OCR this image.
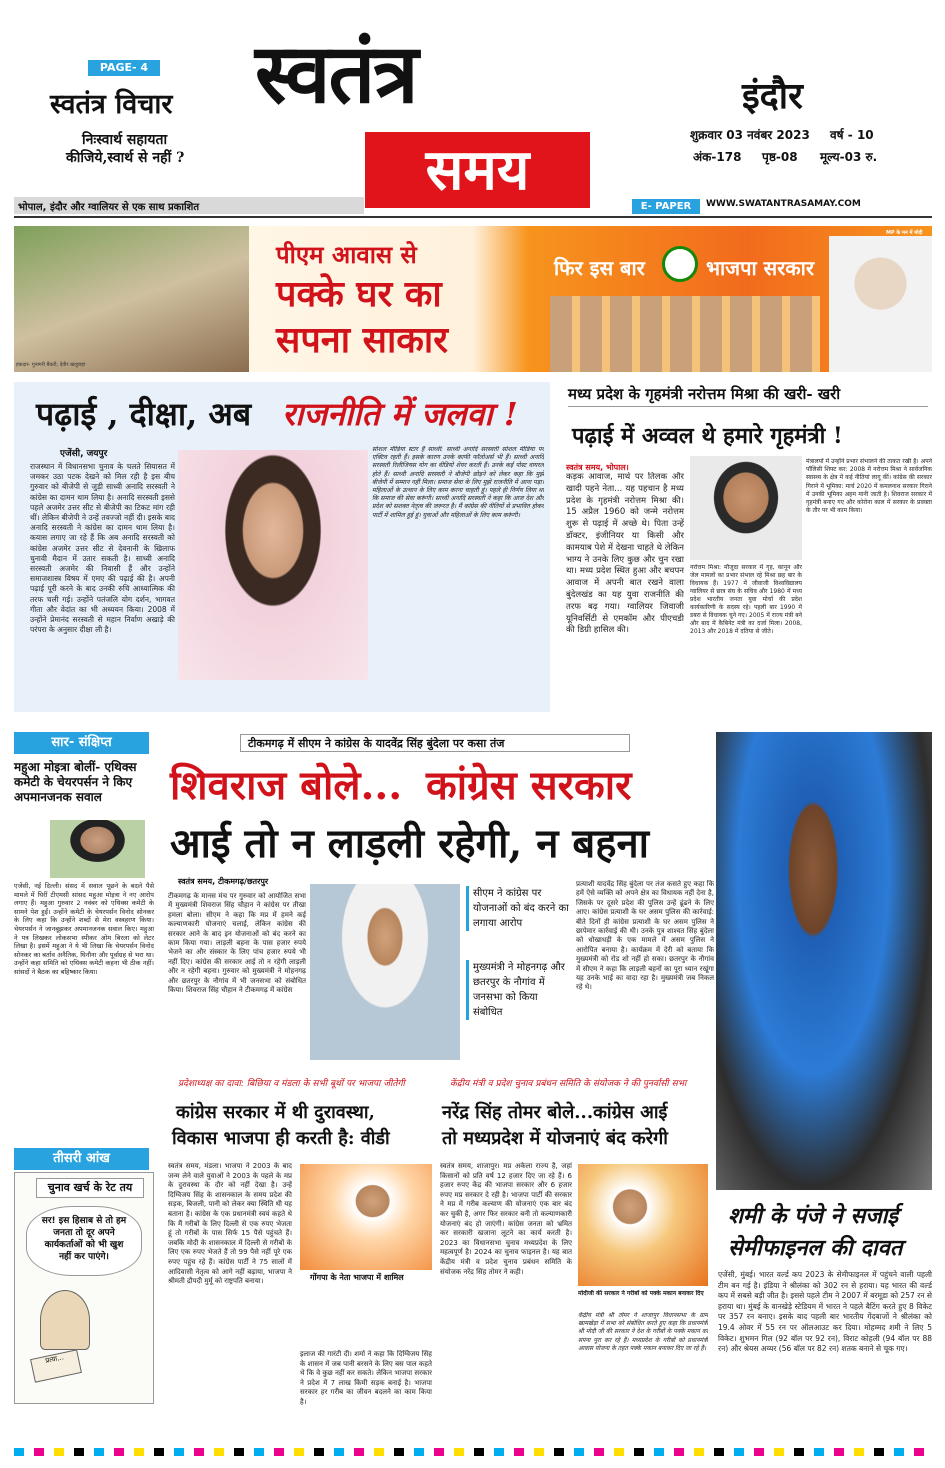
PAGE- 4
स्वतंत्र विचार
निःस्वार्थ सहायता
कीजिये,स्वार्थ से नहीं ?
स्वतंत्र
समय
इंदौर
शुक्रवार 03 नवंबर 2023 वर्ष - 10
अंक-178 पृष्ठ-08 मूल्य-03 रु.
भोपाल, इंदौर और ग्वालियर से एक साथ प्रकाशित	E- PAPER	WWW.SWATANTRASAMAY.COM
पीएम आवास से
पक्के घर का
सपना साकार
फिर इस बार	भाजपा सरकार
MP के मन में मोदी
हकदार- गुनागरी बैंकरी, देवीर खजुराहा
पढ़ाई , दीक्षा, अब राजनीति में जलवा !
एजेंसी, जयपुर
राजस्थान में विधानसभा चुनाव के चलते सियासत में जमकर उठा पटक देखने को मिल रही है इस बीच गुरुवार को बीजेपी से जुड़ी साध्वी अनादि सरस्वती ने कांग्रेस का दामन थाम लिया है। अनादि सरस्वती इससे पहले अजमेर उत्तर सीट से बीजेपी का टिकट मांग रही थीं। लेकिन बीजेपी ने उन्हें तवज्जो नहीं दी। इसके बाद अनादि सरस्वती ने कांग्रेस का दामन थाम लिया है। कयास लगाए जा रहे हैं कि अब अनादि सरस्वती को कांग्रेस अजमेर उत्तर सीट से देवनानी के खिलाफ चुनावी मैदान में उतार सकती है। साध्वी अनादि सरस्वती अजमेर की निवासी हैं और उन्होंने समाजशास्त्र विषय में एमए की पढ़ाई की है। अपनी पढ़ाई पूरी करने के बाद उनकी रुचि आध्यात्मिक की तरफ चली गई। उन्होंने पतंजलि योग दर्शन, भागवत गीता और वेदांत का भी अध्ययन किया। 2008 में उन्होंने प्रेमानंद सरस्वती से महान निर्वाण अखाड़े की परंपरा के अनुसार दीक्षा ली है।
सोशल मीडिया स्टार हैं साध्वी: साध्वी अनादि सरस्वती सोशल मीडिया पर एक्टिव रहती हैं। इसके कारण उनके काफी फॉलोअर्स भी हैं। साध्वी अनादि सरस्वती रिलीजियस योग का वीडियो शेयर करती हैं। उनके कई पोस्ट वायरल होते हैं। साध्वी अनादि सरस्वती ने बीजेपी छोड़ने को लेकर कहा कि मुझे बीजेपी में सम्मान नहीं मिला। समाज सेवा के लिए मुझे राजनीति में आना पड़ा। महिलाओं के उत्थान के लिए काम करना चाहती हूं। पहले ही निर्णय लिया था कि समाज की सेवा करूंगी। साध्वी अनादि सरस्वती ने कहा कि आज देश और प्रदेश को सशक्त नेतृत्व की जरूरत है। मैं कांग्रेस की नीतियों से प्रभावित होकर पार्टी में शामिल हुई हूं। युवाओं और महिलाओं के लिए काम करूंगी।
मध्य प्रदेश के गृहमंत्री नरोत्तम मिश्रा की खरी- खरी
पढ़ाई में अव्वल थे हमारे गृहमंत्री !
स्वतंत्र समय, भोपाल।
कड़क आवाज, माथे पर तिलक और खादी पहने नेता... यह पहचान है मध्य प्रदेश के गृहमंत्री नरोत्तम मिश्रा की। 15 अप्रैल 1960 को जन्मे नरोत्तम शुरू से पढ़ाई में अच्छे थे। पिता उन्हें डॉक्टर, इंजीनियर या किसी और कामयाब पेशे में देखना चाहते थे लेकिन भाग्य ने उनके लिए कुछ और चुन रखा था। मध्य प्रदेश स्थित हुआ और बचपन आवाज में अपनी बात रखने वाला बुंदेलखंड का यह युवा राजनीति की तरफ बढ़ गया। ग्वालियर जिवाजी यूनिवर्सिटी से एमकॉम और पीएचडी की डिग्री हासिल की।
नरोत्तम मिश्रा: मौजूदा सरकार में गृह, कानून और जेल मामलों का प्रभार संभाल रहे मिश्रा छह बार के विधायक हैं। 1977 में जीवाजी विश्वविद्यालय ग्वालियर से छात्र संघ के सचिव और 1980 में मध्य प्रदेश भारतीय जनता युवा मोर्चा की प्रदेश कार्यकारिणी के सदस्य रहे। पहली बार 1990 में डबरा से विधायक चुने गए। 2005 में राज्य मंत्री बने और बाद में कैबिनेट मंत्री का दर्जा मिला। 2008, 2013 और 2018 में दतिया से जीते।
मंत्रालयों में उन्होंने प्रभार संभालने की ताकत रखी है। अपने पॉलिसी शिफ्ट कर: 2008 में नरोत्तम मिश्रा ने सार्वजनिक स्वास्थ्य के क्षेत्र में कई नीतियां लागू कीं। कांग्रेस की सरकार गिराने में भूमिका: मार्च 2020 में कमलनाथ सरकार गिराने में उनकी भूमिका अहम मानी जाती है। शिवराज सरकार में गृहमंत्री बनाए गए और कोरोना काल में सरकार के प्रवक्ता के तौर पर भी काम किया।
सार- संक्षिप्त
महुआ मोइत्रा बोलीं- एथिक्स कमेटी के चेयरपर्सन ने किए अपमानजनक सवाल
एजेंसी, नई दिल्ली। संसद में सवाल पूछने के बदले पैसे मामले में घिरीं टीएमसी सांसद महुआ मोइत्रा ने नए आरोप लगाए हैं। महुआ गुरुवार 2 नवंबर को एथिक्स कमेटी के सामने पेश हुईं। उन्होंने कमेटी के चेयरपर्सन विनोद सोनकर के लिए कहा कि उन्होंने शब्दों से मेरा वस्त्रहरण किया। चेयरपर्सन ने जानबूझकर अपमानजनक सवाल किए। महुआ ने पत्र लिखकर लोकसभा स्पीकर ओम बिरला को लेटर लिखा है। इसमें महुआ ने ये भी लिखा कि चेयरपर्सन विनोद सोनकर का बर्ताव अनैतिक, घिनौना और पूर्वाग्रह से भरा था। उन्होंने कहा समिति को एथिक्स कमेटी कहना भी ठीक नहीं। सांसदों ने बैठक का बहिष्कार किया।
तीसरी आंख
चुनाव खर्च के रेट तय
सर! इस हिसाब से तो हम जनता तो दूर अपने कार्यकर्ताओं को भी खुश नहीं कर पाएंगे।
प्रत्या...
टीकमगढ़ में सीएम ने कांग्रेस के यादवेंद्र सिंह बुंदेला पर कसा तंज
शिवराज बोले... कांग्रेस सरकार
आई तो न लाड़ली रहेगी, न बहना
स्वतंत्र समय, टीकमगढ़/छतरपुर
टीकमगढ़ के मानस मंच पर गुरुवार को आयोजित सभा में मुख्यमंत्री शिवराज सिंह चौहान ने कांग्रेस पर तीखा हमला बोला। सीएम ने कहा कि मप्र में हमने कई कल्याणकारी योजनाएं चलाई, लेकिन कांग्रेस की सरकार आने के बाद इन योजनाओं को बंद करने का काम किया गया। लाड़ली बहना के पास हजार रुपये भेजने का और संस्कार के लिए पांच हजार रुपये भी नहीं दिए। कांग्रेस की सरकार आई तो न रहेगी लाड़ली और न रहेगी बहना। गुरुवार को मुख्यमंत्री ने मोहनगढ़ और छतरपुर के नौगांव में भी जनसभा को संबोधित किया। शिवराज सिंह चौहान ने टीकमगढ़ में कांग्रेस
सीएम ने कांग्रेस पर योजनाओं को बंद करने का लगाया आरोप
मुख्यमंत्री ने मोहनगढ़ और छतरपुर के नौगांव में जनसभा को किया संबोधित
प्रत्याशी यादवेंद्र सिंह बुंदेला पर तंज कसते हुए कहा कि हमें ऐसे व्यक्ति को अपने क्षेत्र का विधायक नहीं देना है, जिसके पर दूसरे प्रदेश की पुलिस उन्हें ढूंढने के लिए आए। कांग्रेस प्रत्याशी के घर असम पुलिस की कार्रवाई: बीते दिनों ही कांग्रेस प्रत्याशी के घर असम पुलिस ने छापेमार कार्रवाई की थी। उनके पुत्र शाश्वत सिंह बुंदेला को धोखाधड़ी के एक मामले में असम पुलिस ने आरोपित बनाया है। कार्यक्रम में देरी को बताया कि मुख्यमंत्री को रोड शो नहीं हो सका। छतरपुर के नौगांव में सीएम ने कहा कि लाड़ली बहनों का पूरा ध्यान रखूंगा यह उनके भाई का वादा रहा है। मुख्यमंत्री जब निकल रहे थे।
प्रदेशाध्यक्ष का दावा: बिछिया व मंडला के सभी बूथों पर भाजपा जीतेगी
कांग्रेस सरकार में थी दुरावस्था,
विकास भाजपा ही करती है: वीडी
स्वतंत्र समय, मंडला। भाजपा ने 2003 के बाद जन्म लेने वाले युवाओं ने 2003 के पहले के मप्र के दुरावस्था के दौर को नहीं देखा है। उन्हें दिग्विजय सिंह के शासनकाल के समय प्रदेश की सड़क, बिजली, पानी को लेकर क्या स्थिति थी यह बताना है। कांग्रेस के एक प्रधानमंत्री स्वयं कहते थे कि मैं गरीबों के लिए दिल्ली से एक रुपए भेजता हूं तो गरीबों के पास सिर्फ 15 पैसे पहुंचते हैं। जबकि मोदी के शासनकाल में दिल्ली से गरीबों के लिए एक रुपए भेजते हैं तो 99 पैसे नहीं पूरे एक रुपए पहुंच रहे हैं। कांग्रेस पार्टी ने 75 सालों में आदिवासी नेतृत्व को आगे नहीं बढ़ाया, भाजपा ने श्रीमती द्रौपदी मुर्मू को राष्ट्रपति बनाया।	गोंगपा के नेता भाजपा में शामिल
इलाज की गारंटी दी। शर्मा ने कहा कि दिग्विजय सिंह के शासन में जब पानी बरसने के लिए बस पाल कहते थे कि वे कुछ नहीं कर सकते। लेकिन भाजपा सरकार ने प्रदेश में 7 लाख किमी सड़क बनाई है। भाजपा सरकार हर गरीब का जीवन बदलने का काम किया है।
केंद्रीय मंत्री व प्रदेश चुनाव प्रबंधन समिति के संयोजक ने की पुनर्वासी सभा
नरेंद्र सिंह तोमर बोले...कांग्रेस आई
तो मध्यप्रदेश में योजनाएं बंद करेगी
स्वतंत्र समय, शाजापुर। मप्र अकेला राज्य है, जहां किसानों को प्रति वर्ष 12 हजार दिए जा रहे हैं। 6 हजार रुपए केंद्र की भाजपा सरकार और 6 हजार रुपए मप्र सरकार दे रही है। भाजपा पार्टी की सरकार ने मप्र में गरीब कल्याण की योजनाएं एक बार बंद कर चुकी है, अगर फिर सरकार बनी तो कल्याणकारी योजनाएं बंद हो जाएंगी। कांग्रेस जनता को भ्रमित कर सरकारी खजाना लूटने का कार्य करती है। 2023 का विधानसभा चुनाव मध्यप्रदेश के लिए महत्वपूर्ण है। 2024 का चुनाव फाइनल है। यह बात केंद्रीय मंत्री व प्रदेश चुनाव प्रबंधन समिति के संयोजक नरेंद्र सिंह तोमर ने कही।
मोदीजी की सरकार ने गरीबों को पक्के मकान बनाकर दिए
केंद्रीय मंत्री श्री तोमर ने शाजापुर विधानसभा के ग्राम खामखेड़ा में सभा को संबोधित करते हुए कहा कि प्रधानमंत्री श्री मोदी जी की सरकार ने देश के गरीबों के पक्के मकान का सपना पूरा कर रहे हैं। मध्यप्रदेश के गरीबों को प्रधानमंत्री आवास योजना के तहत पक्के मकान बनाकर दिए जा रहे हैं।
शमी के पंजे ने सजाई
सेमीफाइनल की दावत
एजेंसी, मुंबई। भारत वर्ल्ड कप 2023 के सेमीफाइनल में पहुंचने वाली पहली टीम बन गई है। इंडिया ने श्रीलंका को 302 रन से हराया। यह भारत की वर्ल्ड कप में सबसे बड़ी जीत है। इससे पहले टीम ने 2007 में बरमूडा को 257 रन से हराया था। मुंबई के वानखेड़े स्टेडियम में भारत ने पहले बैटिंग करते हुए 8 विकेट पर 357 रन बनाए। इसके बाद पहली बार भारतीय गेंदबाजों ने श्रीलंका को 19.4 ओवर में 55 रन पर ऑलआउट कर दिया। मोहम्मद शमी ने लिए 5 विकेट। शुभमन गिल (92 बॉल पर 92 रन), विराट कोहली (94 बॉल पर 88 रन) और श्रेयस अय्यर (56 बॉल पर 82 रन) शतक बनाने से चूक गए।
